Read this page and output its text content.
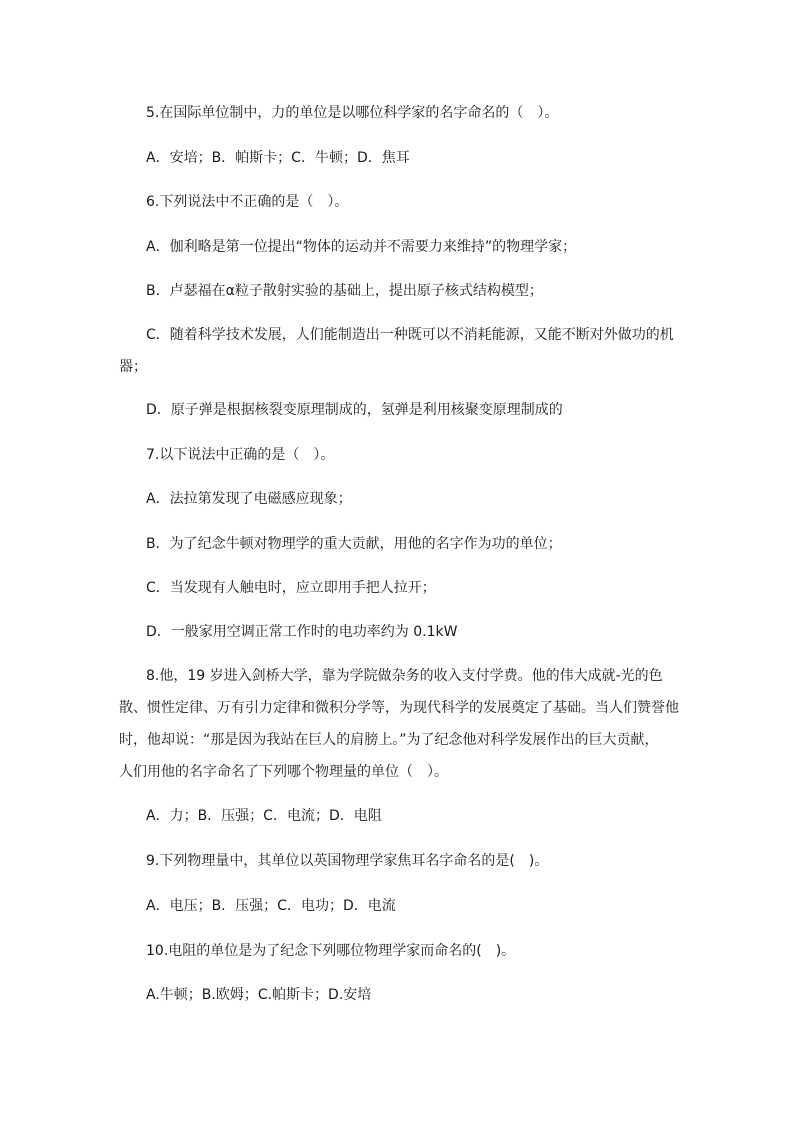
5.在国际单位制中，力的单位是以哪位科学家的名字命名的（　）。

A．安培；B．帕斯卡；C．牛顿；D．焦耳

6.下列说法中不正确的是（　）。

A．伽利略是第一位提出“物体的运动并不需要力来维持”的物理学家；

B．卢瑟福在α粒子散射实验的基础上，提出原子核式结构模型；

C．随着科学技术发展，人们能制造出一种既可以不消耗能源，又能不断对外做功的机

器；

D．原子弹是根据核裂变原理制成的，氢弹是利用核聚变原理制成的

7.以下说法中正确的是（　）。

A．法拉第发现了电磁感应现象；

B．为了纪念牛顿对物理学的重大贡献，用他的名字作为功的单位；

C．当发现有人触电时，应立即用手把人拉开；

D．一般家用空调正常工作时的电功率约为 0.1kW

8.他，19 岁进入剑桥大学，靠为学院做杂务的收入支付学费。他的伟大成就-光的色

散、惯性定律、万有引力定律和微积分学等，为现代科学的发展奠定了基础。当人们赞誉他

时，他却说：“那是因为我站在巨人的肩膀上。”为了纪念他对科学发展作出的巨大贡献，

人们用他的名字命名了下列哪个物理量的单位（　）。

A．力；B．压强；C．电流；D．电阻

9.下列物理量中，其单位以英国物理学家焦耳名字命名的是(　)。

A．电压；B．压强；C．电功；D．电流

10.电阻的单位是为了纪念下列哪位物理学家而命名的(　)。

A.牛顿；B.欧姆；C.帕斯卡；D.安培
